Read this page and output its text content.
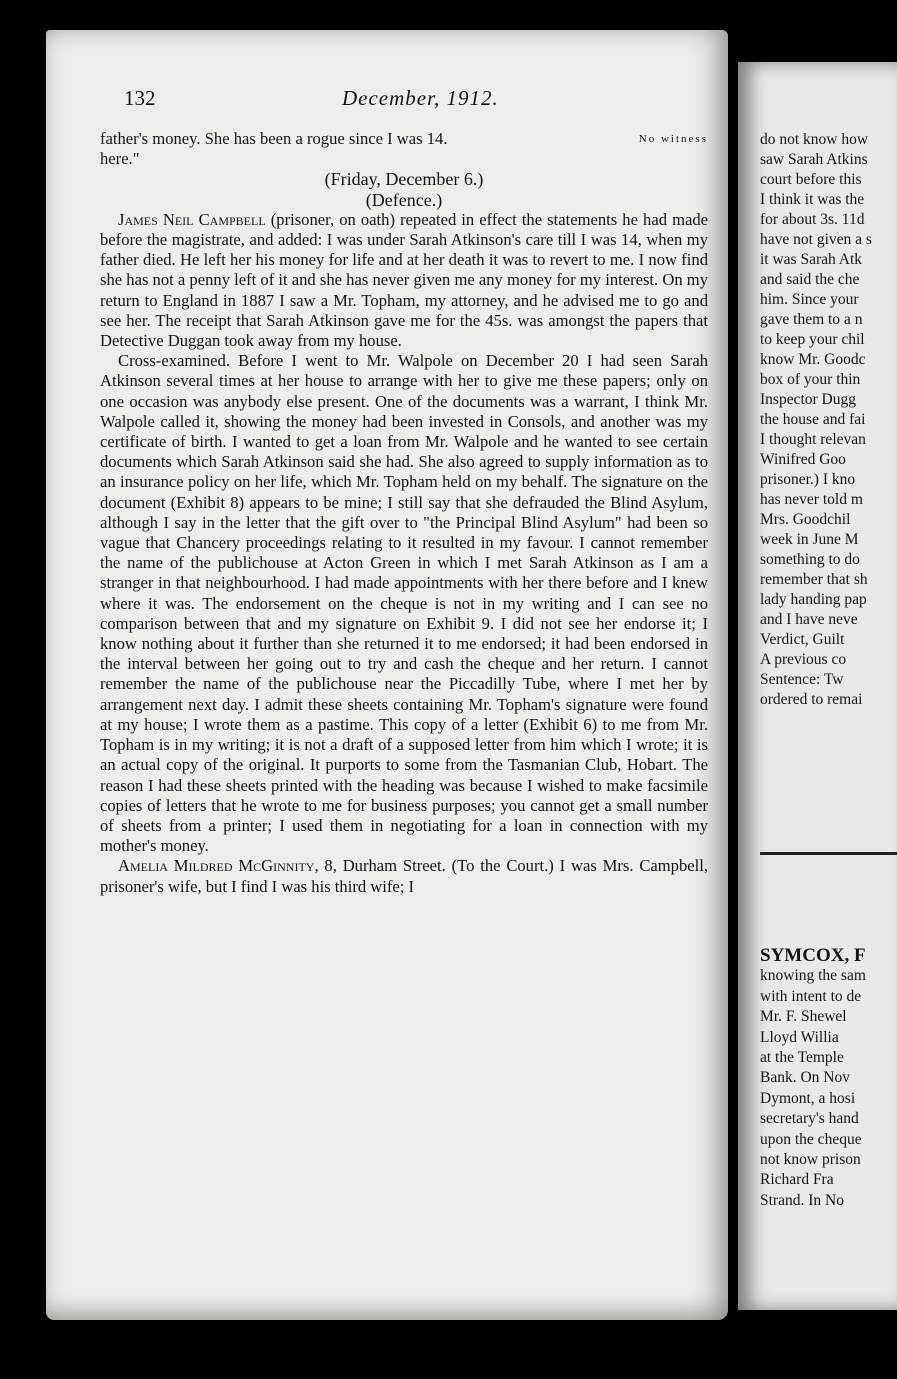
132	December, 1912.

father's money. She has been a rogue since I was 14.	No witness

here."

(Friday, December 6.)

(Defence.)

James Neil Campbell (prisoner, on oath) repeated in effect the statements he had made before the magistrate, and added: I was under Sarah Atkinson's care till I was 14, when my father died. He left her his money for life and at her death it was to revert to me. I now find she has not a penny left of it and she has never given me any money for my interest. On my return to England in 1887 I saw a Mr. Topham, my attorney, and he advised me to go and see her. The receipt that Sarah Atkinson gave me for the 45s. was amongst the papers that Detective Duggan took away from my house.

Cross-examined. Before I went to Mr. Walpole on December 20 I had seen Sarah Atkinson several times at her house to arrange with her to give me these papers; only on one occasion was anybody else present. One of the documents was a warrant, I think Mr. Walpole called it, showing the money had been invested in Consols, and another was my certificate of birth. I wanted to get a loan from Mr. Walpole and he wanted to see certain documents which Sarah Atkinson said she had. She also agreed to supply information as to an insurance policy on her life, which Mr. Topham held on my behalf. The signature on the document (Exhibit 8) appears to be mine; I still say that she defrauded the Blind Asylum, although I say in the letter that the gift over to "the Principal Blind Asylum" had been so vague that Chancery proceedings relating to it resulted in my favour. I cannot remember the name of the publichouse at Acton Green in which I met Sarah Atkinson as I am a stranger in that neighbourhood. I had made appointments with her there before and I knew where it was. The endorsement on the cheque is not in my writing and I can see no comparison between that and my signature on Exhibit 9. I did not see her endorse it; I know nothing about it further than she returned it to me endorsed; it had been endorsed in the interval between her going out to try and cash the cheque and her return. I cannot remember the name of the publichouse near the Piccadilly Tube, where I met her by arrangement next day. I admit these sheets containing Mr. Topham's signature were found at my house; I wrote them as a pastime. This copy of a letter (Exhibit 6) to me from Mr. Topham is in my writing; it is not a draft of a supposed letter from him which I wrote; it is an actual copy of the original. It purports to some from the Tasmanian Club, Hobart. The reason I had these sheets printed with the heading was because I wished to make facsimile copies of letters that he wrote to me for business purposes; you cannot get a small number of sheets from a printer; I used them in negotiating for a loan in connection with my mother's money.

Amelia Mildred McGinnity, 8, Durham Street. (To the Court.) I was Mrs. Campbell, prisoner's wife, but I find I was his third wife; I

do not know how
saw Sarah Atkins
court before this
I think it was the
for about 3s. 11d
have not given a s
it was Sarah Atk
and said the che
him. Since your
gave them to a n
to keep your chil
know Mr. Goodc
box of your thin
Inspector Dugg
the house and fai
I thought relevan
Winifred Goo
prisoner.) I kno
has never told m
Mrs. Goodchil
week in June M
something to do
remember that sh
lady handing pap
and I have neve
Verdict, Guilt
A previous co
Sentence: Tw
ordered to remai
SYMCOX, F
knowing the sam
with intent to de
Mr. F. Shewel
Lloyd Willia
at the Temple
Bank. On Nov
Dymont, a hosi
secretary's hand
upon the cheque
not know prison
Richard Fra
Strand. In No
